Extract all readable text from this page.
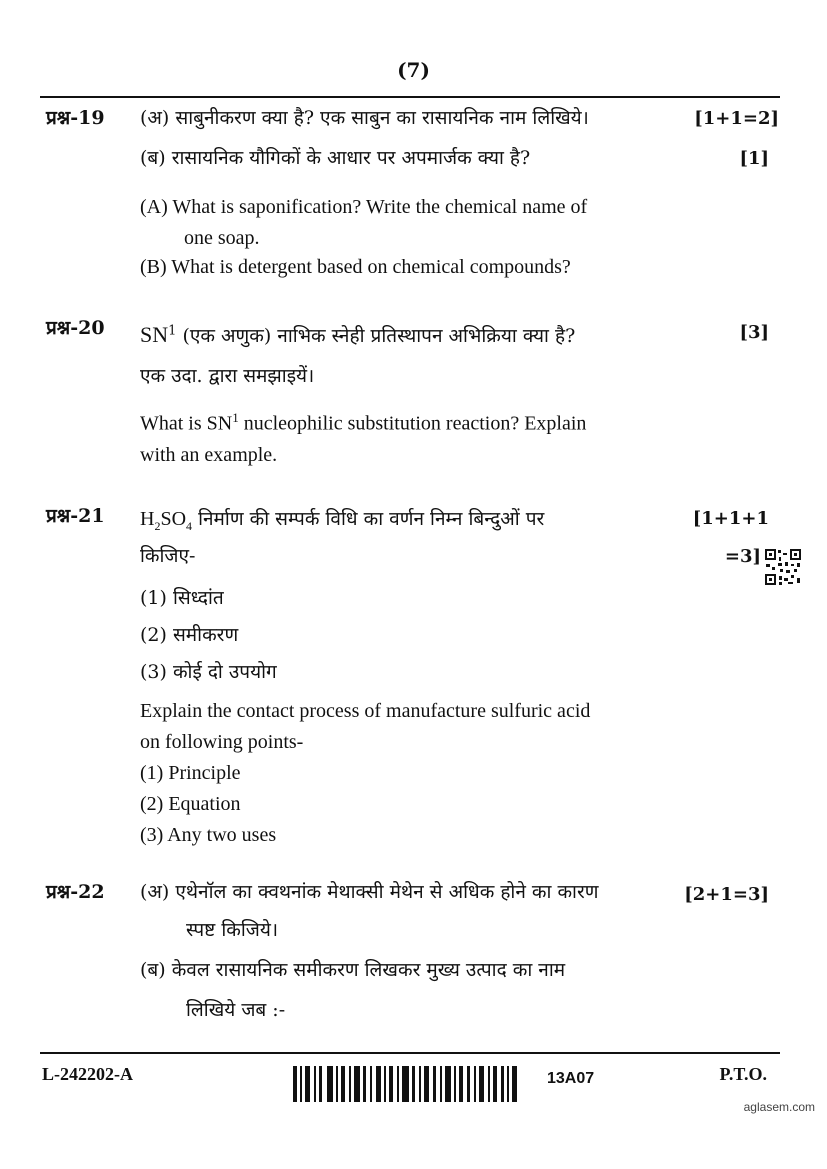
(7)
प्रश्न-19 (अ) साबुनीकरण क्या है? एक साबुन का रासायनिक नाम लिखिये।	[1+1=2]
(ब) रासायनिक यौगिकों के आधार पर अपमार्जक क्या है?	[1]
(A) What is saponification? Write the chemical name of
one soap.
(B) What is detergent based on chemical compounds?
प्रश्न-20 $SN^1$ (एक अणुक) नाभिक स्नेही प्रतिस्थापन अभिक्रिया क्या है?	[3]
एक उदा. द्वारा समझाइयें।
What is $SN^1$ nucleophilic substitution reaction? Explain
with an example.
प्रश्न-21 $H_2SO_4$ निर्माण की सम्पर्क विधि का वर्णन निम्न बिन्दुओं पर	[1+1+1
किजिए-	=3]
(1) सिध्दांत
(2) समीकरण
(3) कोई दो उपयोग
Explain the contact process of manufacture sulfuric acid
on following points-
(1) Principle
(2) Equation
(3) Any two uses
प्रश्न-22 (अ) एथेनॉल का क्वथनांक मेथाक्सी मेथेन से अधिक होने का कारण	[2+1=3]
स्पष्ट किजिये।
(ब) केवल रासायनिक समीकरण लिखकर मुख्य उत्पाद का नाम
लिखिये जब :-
L-242202-A	13A07	P.T.O.
aglasem.com
